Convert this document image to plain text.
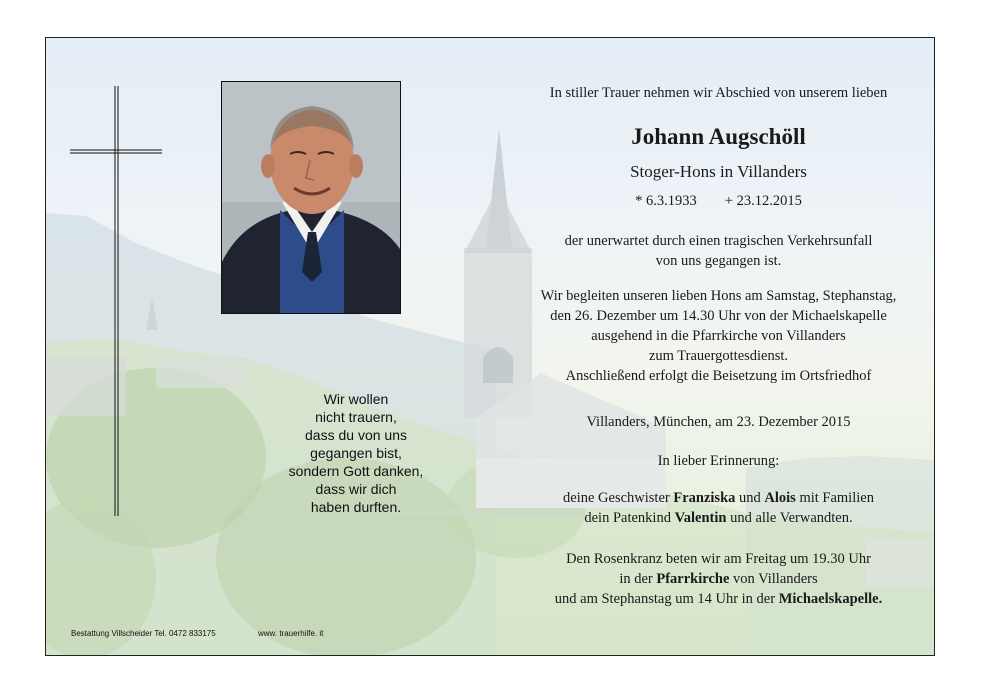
Wir wollen
nicht trauern,
dass du von uns
gegangen bist,
sondern Gott danken,
dass wir dich
haben durften.
In stiller Trauer nehmen wir Abschied von unserem lieben
Johann Augschöll
Stoger-Hons in Villanders
* 6.3.1933 + 23.12.2015
der unerwartet durch einen tragischen Verkehrsunfall
von uns gegangen ist.
Wir begleiten unseren lieben Hons am Samstag, Stephanstag,
den 26. Dezember um 14.30 Uhr von der Michaelskapelle
ausgehend in die Pfarrkirche von Villanders
zum Trauergottesdienst.
Anschließend erfolgt die Beisetzung im Ortsfriedhof
Villanders, München, am 23. Dezember 2015
In lieber Erinnerung:
deine Geschwister Franziska und Alois mit Familien
dein Patenkind Valentin und alle Verwandten.
Den Rosenkranz beten wir am Freitag um 19.30 Uhr
in der Pfarrkirche von Villanders
und am Stephanstag um 14 Uhr in der Michaelskapelle.
Bestattung Villscheider Tel. 0472 833175	www. trauerhilfe. it
